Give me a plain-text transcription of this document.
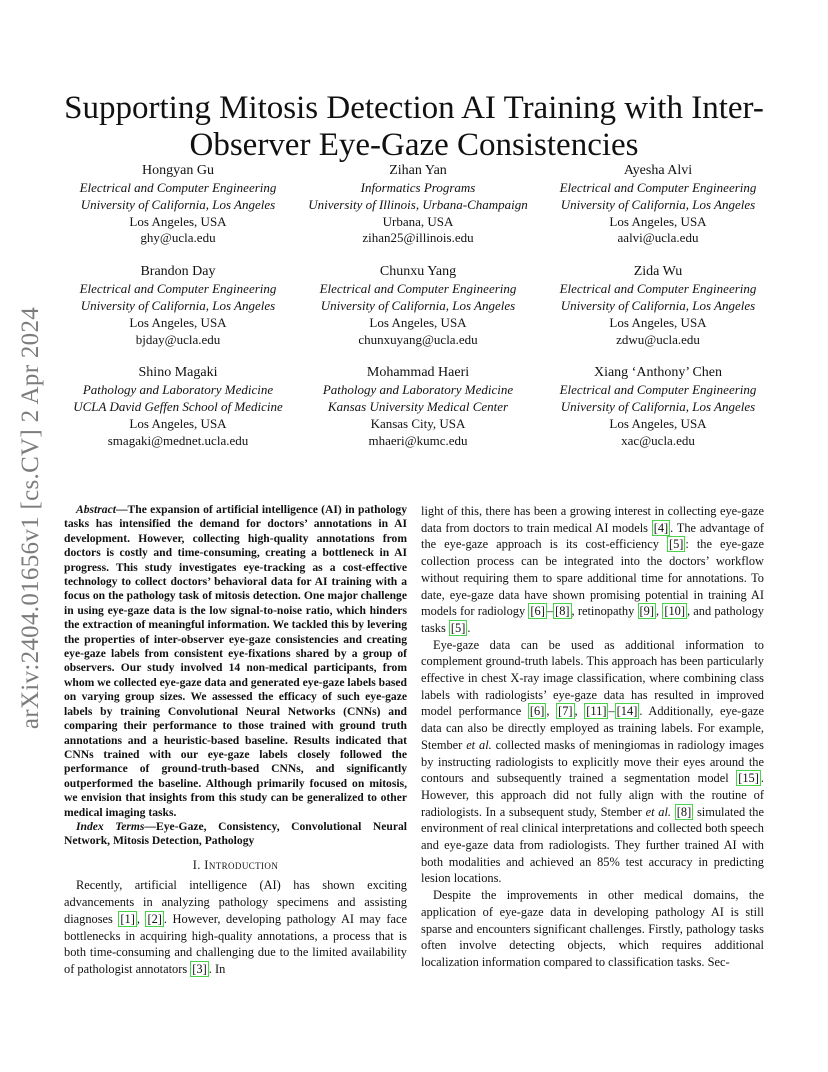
arXiv:2404.01656v1 [cs.CV] 2 Apr 2024
Supporting Mitosis Detection AI Training with Inter-Observer Eye-Gaze Consistencies
Hongyan Gu
Electrical and Computer Engineering
University of California, Los Angeles
Los Angeles, USA
ghy@ucla.edu
Zihan Yan
Informatics Programs
University of Illinois, Urbana-Champaign
Urbana, USA
zihan25@illinois.edu
Ayesha Alvi
Electrical and Computer Engineering
University of California, Los Angeles
Los Angeles, USA
aalvi@ucla.edu
Brandon Day
Electrical and Computer Engineering
University of California, Los Angeles
Los Angeles, USA
bjday@ucla.edu
Chunxu Yang
Electrical and Computer Engineering
University of California, Los Angeles
Los Angeles, USA
chunxuyang@ucla.edu
Zida Wu
Electrical and Computer Engineering
University of California, Los Angeles
Los Angeles, USA
zdwu@ucla.edu
Shino Magaki
Pathology and Laboratory Medicine
UCLA David Geffen School of Medicine
Los Angeles, USA
smagaki@mednet.ucla.edu
Mohammad Haeri
Pathology and Laboratory Medicine
Kansas University Medical Center
Kansas City, USA
mhaeri@kumc.edu
Xiang ‘Anthony’ Chen
Electrical and Computer Engineering
University of California, Los Angeles
Los Angeles, USA
xac@ucla.edu

Abstract—The expansion of artificial intelligence (AI) in pathology tasks has intensified the demand for doctors’ annotations in AI development. However, collecting high-quality annotations from doctors is costly and time-consuming, creating a bottleneck in AI progress. This study investigates eye-tracking as a cost-effective technology to collect doctors’ behavioral data for AI training with a focus on the pathology task of mitosis detection. One major challenge in using eye-gaze data is the low signal-to-noise ratio, which hinders the extraction of meaningful information. We tackled this by levering the properties of inter-observer eye-gaze consistencies and creating eye-gaze labels from consistent eye-fixations shared by a group of observers. Our study involved 14 non-medical participants, from whom we collected eye-gaze data and generated eye-gaze labels based on varying group sizes. We assessed the efficacy of such eye-gaze labels by training Convolutional Neural Networks (CNNs) and comparing their performance to those trained with ground truth annotations and a heuristic-based baseline. Results indicated that CNNs trained with our eye-gaze labels closely followed the performance of ground-truth-based CNNs, and significantly outperformed the baseline. Although primarily focused on mitosis, we envision that insights from this study can be generalized to other medical imaging tasks.

Index Terms—Eye-Gaze, Consistency, Convolutional Neural Network, Mitosis Detection, Pathology

I. Introduction

Recently, artificial intelligence (AI) has shown exciting advancements in analyzing pathology specimens and assisting diagnoses [1] , [2] . However, developing pathology AI may face bottlenecks in acquiring high-quality annotations, a process that is both time-consuming and challenging due to the limited availability of pathologist annotators [3] . In

light of this, there has been a growing interest in collecting eye-gaze data from doctors to train medical AI models [4] . The advantage of the eye-gaze approach is its cost-efficiency [5] : the eye-gaze collection process can be integrated into the doctors’ workflow without requiring them to spare additional time for annotations. To date, eye-gaze data have shown promising potential in training AI models for radiology [6] – [8] , retinopathy [9] , [10] , and pathology tasks [5] .

Eye-gaze data can be used as additional information to complement ground-truth labels. This approach has been particularly effective in chest X-ray image classification, where combining class labels with radiologists’ eye-gaze data has resulted in improved model performance [6] , [7] , [11] – [14] . Additionally, eye-gaze data can also be directly employed as training labels. For example, Stember et al. collected masks of meningiomas in radiology images by instructing radiologists to explicitly move their eyes around the contours and subsequently trained a segmentation model [15] . However, this approach did not fully align with the routine of radiologists. In a subsequent study, Stember et al. [8] simulated the environment of real clinical interpretations and collected both speech and eye-gaze data from radiologists. They further trained AI with both modalities and achieved an 85% test accuracy in predicting lesion locations.

Despite the improvements in other medical domains, the application of eye-gaze data in developing pathology AI is still sparse and encounters significant challenges. Firstly, pathology tasks often involve detecting objects, which requires additional localization information compared to classification tasks. Sec-
